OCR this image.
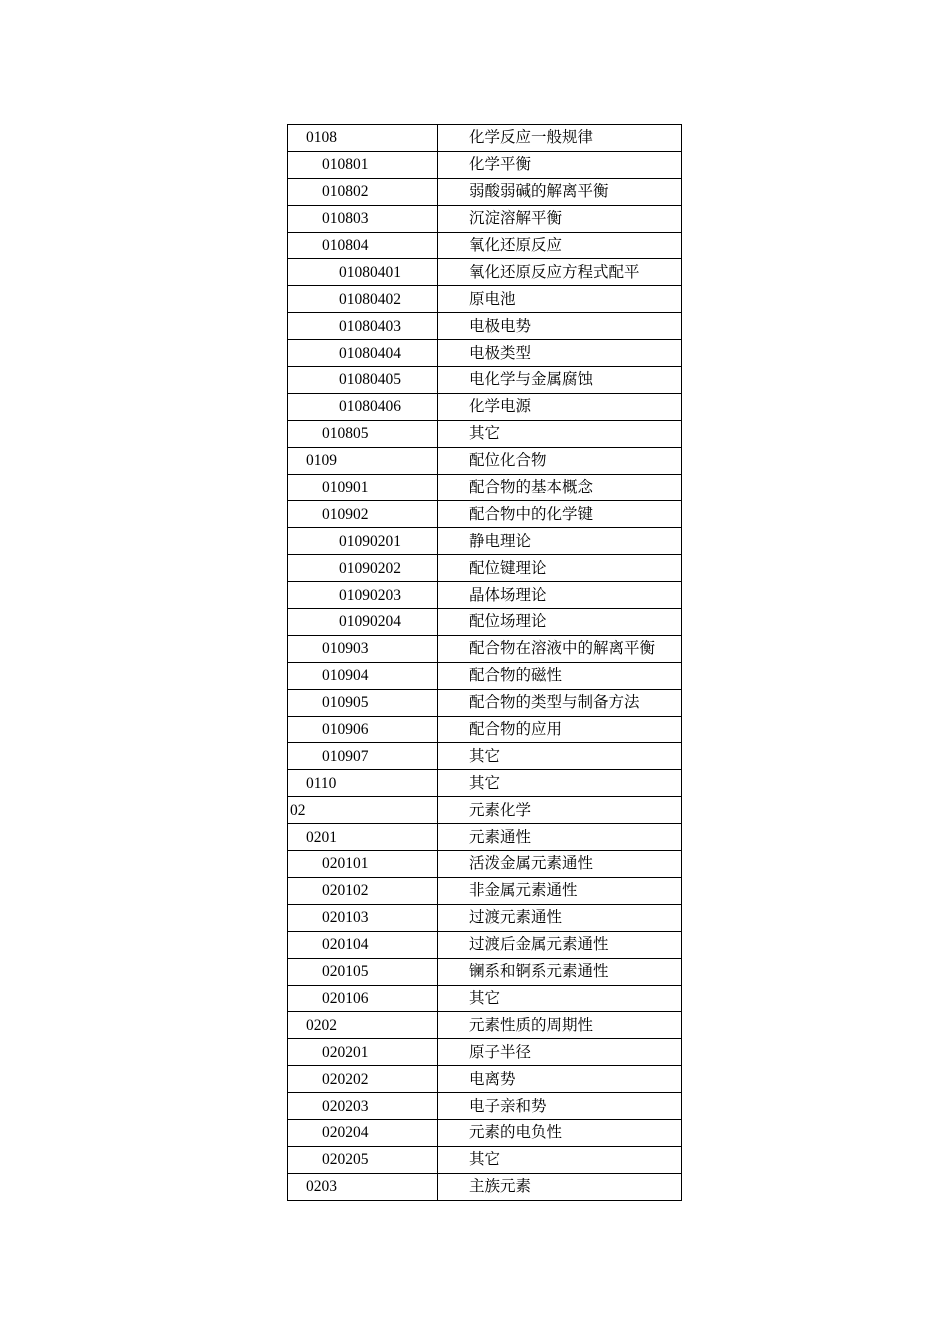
0108	化学反应一般规律
010801	化学平衡
010802	弱酸弱碱的解离平衡
010803	沉淀溶解平衡
010804	氧化还原反应
01080401	氧化还原反应方程式配平
01080402	原电池
01080403	电极电势
01080404	电极类型
01080405	电化学与金属腐蚀
01080406	化学电源
010805	其它
0109	配位化合物
010901	配合物的基本概念
010902	配合物中的化学键
01090201	静电理论
01090202	配位键理论
01090203	晶体场理论
01090204	配位场理论
010903	配合物在溶液中的解离平衡
010904	配合物的磁性
010905	配合物的类型与制备方法
010906	配合物的应用
010907	其它
0110	其它
02	元素化学
0201	元素通性
020101	活泼金属元素通性
020102	非金属元素通性
020103	过渡元素通性
020104	过渡后金属元素通性
020105	镧系和锕系元素通性
020106	其它
0202	元素性质的周期性
020201	原子半径
020202	电离势
020203	电子亲和势
020204	元素的电负性
020205	其它
0203	主族元素
